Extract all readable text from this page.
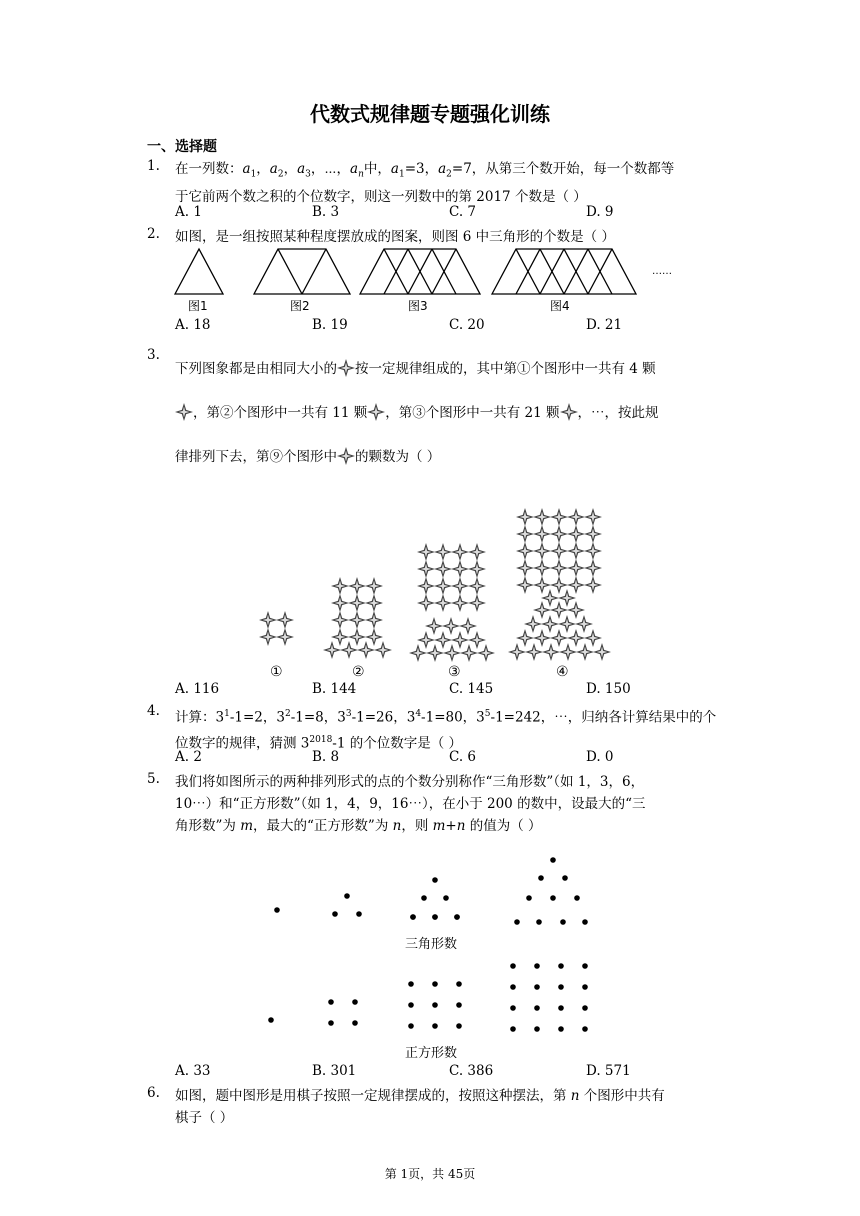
代数式规律题专题强化训练
一、选择题
1. 在一列数：$a_1$，$a_2$，$a_3$，⋯，$a_n$中，$a_1=3$，$a_2=7$，从第三个数开始，每一个数都等
于它前两个数之积的个位数字，则这一列数中的第 2017 个数是（ ）
A. 1	B. 3	C. 7	D. 9
2. 如图，是一组按照某种程度摆放成的图案，则图 6 中三角形的个数是（ ）
图1	图2	图3	图4
……
A. 18	B. 19	C. 20	D. 21
3.
下列图象都是由相同大小的 按一定规律组成的，其中第①个图形中一共有 4 颗
，第②个图形中一共有 11 颗 ，第③个图形中一共有 21 颗 ，⋯，按此规
律排列下去，第⑨个图形中 的颗数为（ ）
①	②	③	④
A. 116	B. 144	C. 145	D. 150
4. 计算：$3^1-1=2$，$3^2-1=8$，$3^3-1=26$，$3^4-1=80$，$3^5-1=242$，⋯，归纳各计算结果中的个
位数字的规律，猜测 $3^{2018}-1$ 的个位数字是（ ）
A. 2	B. 8	C. 6	D. 0
5. 我们将如图所示的两种排列形式的点的个数分别称作“三角形数”（如 1，3，6，
10⋯）和“正方形数”（如 1，4，9，16⋯），在小于 200 的数中，设最大的“三
角形数”为 m，最大的“正方形数”为 n，则 m+n 的值为（ ）
三角形数
正方形数
A. 33	B. 301	C. 386	D. 571
6. 如图，题中图形是用棋子按照一定规律摆成的，按照这种摆法，第 n 个图形中共有
棋子（ ）
第 1页，共 45页
